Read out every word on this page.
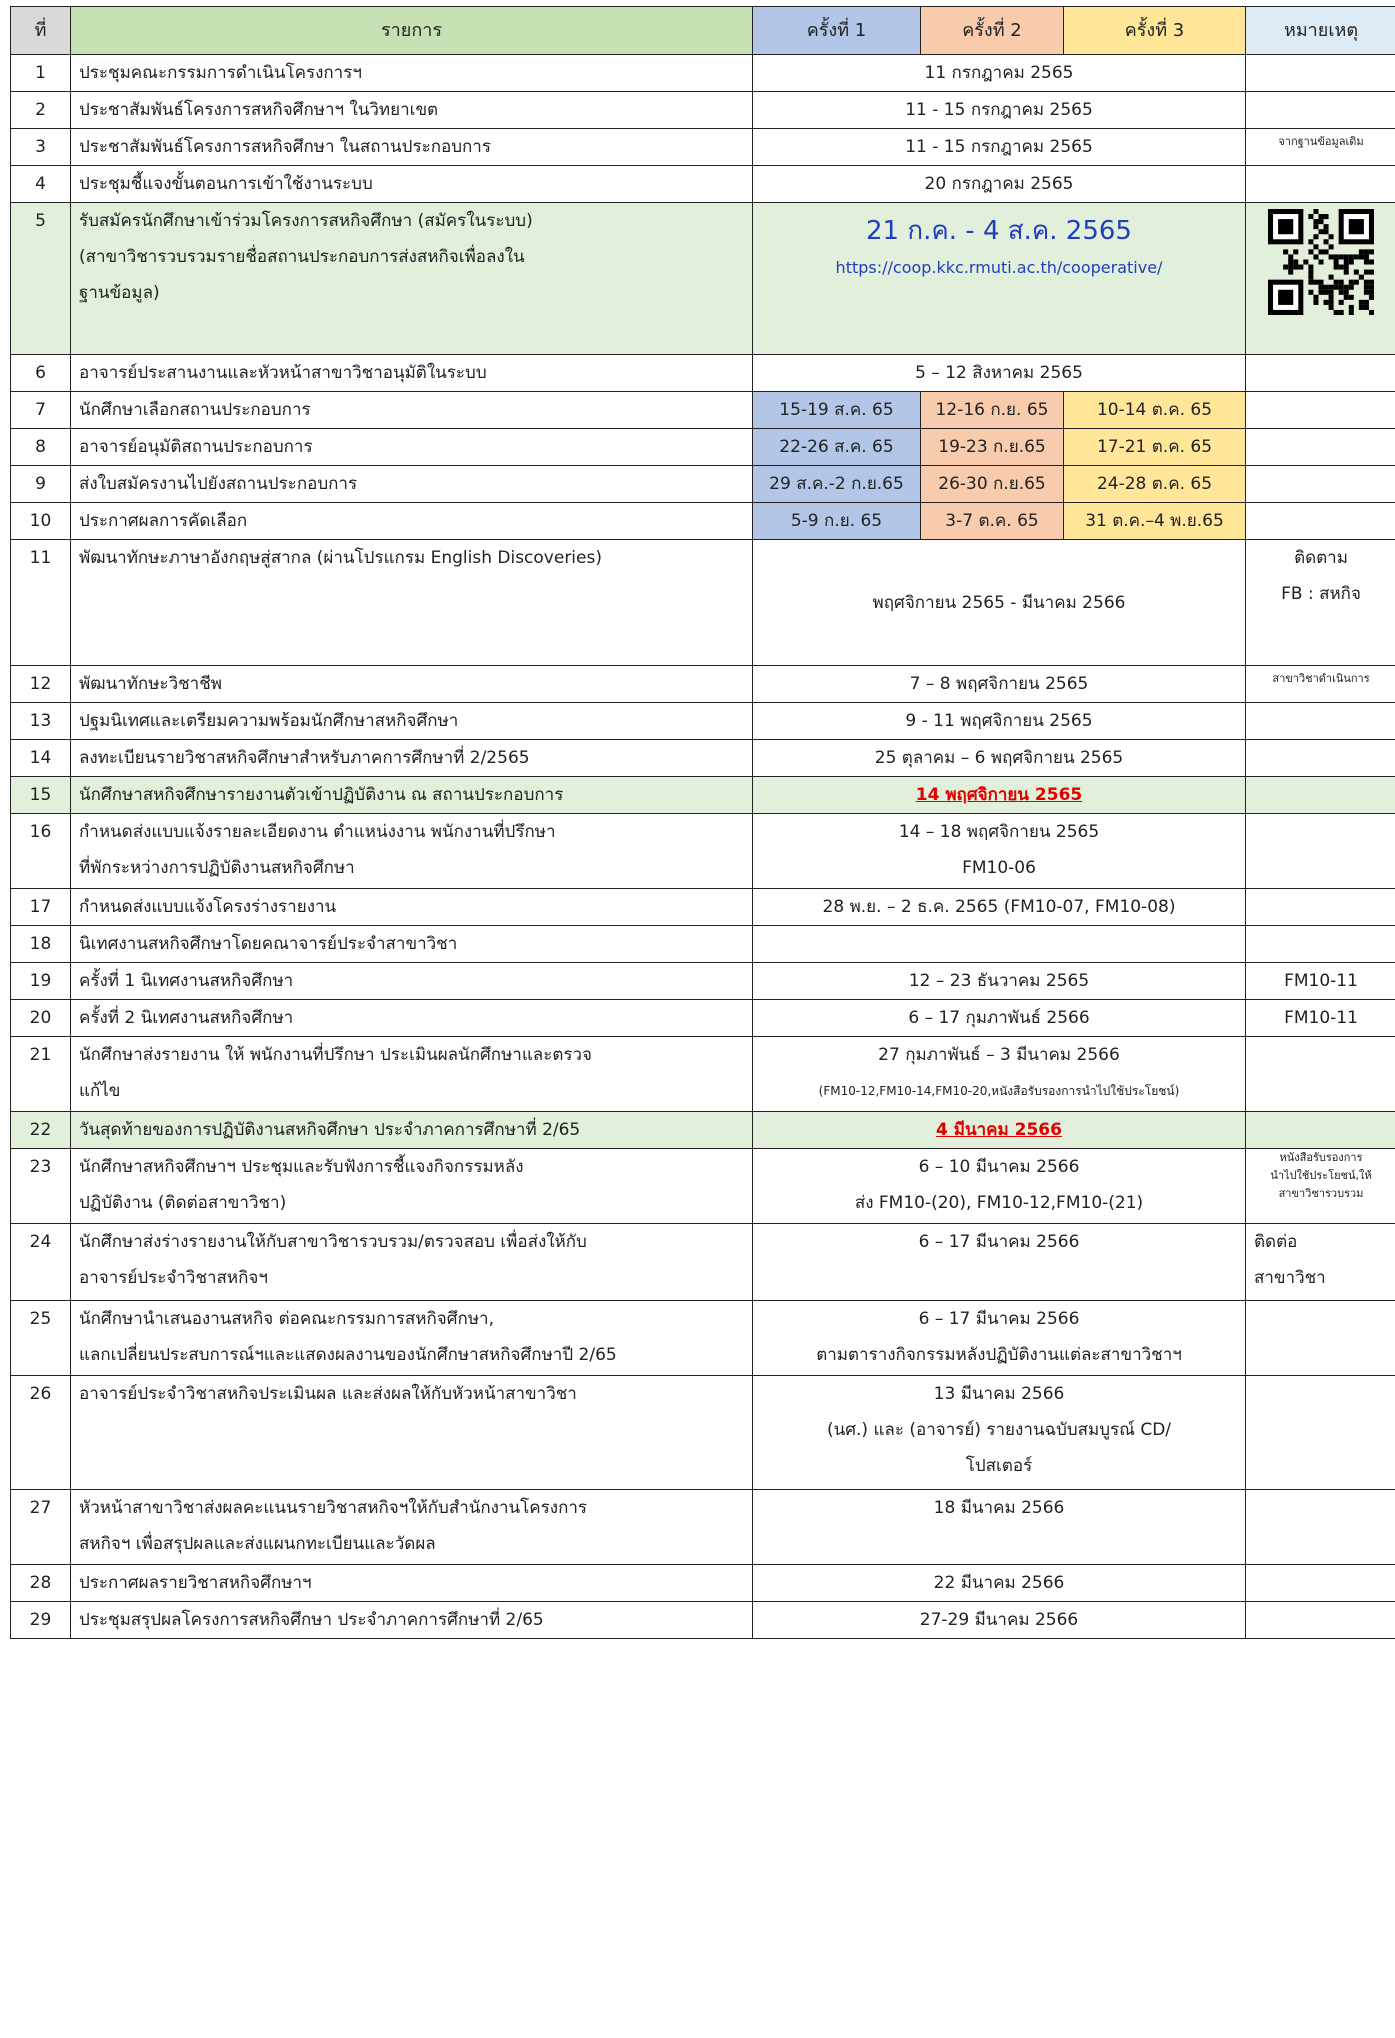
ที่	รายการ	ครั้งที่ 1	ครั้งที่ 2	ครั้งที่ 3	หมายเหตุ
1	ประชุมคณะกรรมการดำเนินโครงการฯ	11 กรกฎาคม 2565			

2	ประชาสัมพันธ์โครงการสหกิจศึกษาฯ ในวิทยาเขต	11 - 15 กรกฎาคม 2565			

3	ประชาสัมพันธ์โครงการสหกิจศึกษา ในสถานประกอบการ	11 - 15 กรกฎาคม 2565			จากฐานข้อมูลเดิม

4	ประชุมชี้แจงขั้นตอนการเข้าใช้งานระบบ	20 กรกฎาคม 2565			

5	รับสมัครนักศึกษาเข้าร่วมโครงการสหกิจศึกษา (สมัครในระบบ)
(สาขาวิชารวบรวมรายชื่อสถานประกอบการส่งสหกิจเพื่อลงใน
ฐานข้อมูล)	21 ก.ค. - 4 ส.ค. 2565
https://coop.kkc.rmuti.ac.th/cooperative/

6	อาจารย์ประสานงานและหัวหน้าสาขาวิชาอนุมัติในระบบ	5 – 12 สิงหาคม 2565			

7	นักศึกษาเลือกสถานประกอบการ	15-19 ส.ค. 65	12-16 ก.ย. 65	10-14 ต.ค. 65	
8	อาจารย์อนุมัติสถานประกอบการ	22-26 ส.ค. 65	19-23 ก.ย.65	17-21 ต.ค. 65	
9	ส่งใบสมัครงานไปยังสถานประกอบการ	29 ส.ค.-2 ก.ย.65	26-30 ก.ย.65	24-28 ต.ค. 65	
10	ประกาศผลการคัดเลือก	5-9 ก.ย. 65	3-7 ต.ค. 65	31 ต.ค.–4 พ.ย.65	
11	พัฒนาทักษะภาษาอังกฤษสู่สากล (ผ่านโปรแกรม English Discoveries)	พฤศจิกายน 2565 - มีนาคม 2566			ติดตาม
FB : สหกิจ

12	พัฒนาทักษะวิชาชีพ	7 – 8 พฤศจิกายน 2565			สาขาวิชาดำเนินการ

13	ปฐมนิเทศและเตรียมความพร้อมนักศึกษาสหกิจศึกษา	9 - 11 พฤศจิกายน 2565			

14	ลงทะเบียนรายวิชาสหกิจศึกษาสำหรับภาคการศึกษาที่ 2/2565	25 ตุลาคม – 6 พฤศจิกายน 2565			

15	นักศึกษาสหกิจศึกษารายงานตัวเข้าปฏิบัติงาน ณ สถานประกอบการ	14 พฤศจิกายน 2565			
16	กำหนดส่งแบบแจ้งรายละเอียดงาน ตำแหน่งงาน พนักงานที่ปรึกษา
ที่พักระหว่างการปฏิบัติงานสหกิจศึกษา	14 – 18 พฤศจิกายน 2565
FM10-06			

17	กำหนดส่งแบบแจ้งโครงร่างรายงาน	28 พ.ย. – 2 ธ.ค. 2565 (FM10-07, FM10-08)			

18	นิเทศงานสหกิจศึกษาโดยคณาจารย์ประจำสาขาวิชา				

19	ครั้งที่ 1 นิเทศงานสหกิจศึกษา	12 – 23 ธันวาคม 2565			FM10-11

20	ครั้งที่ 2 นิเทศงานสหกิจศึกษา	6 – 17 กุมภาพันธ์ 2566			FM10-11

21	นักศึกษาส่งรายงาน ให้ พนักงานที่ปรึกษา ประเมินผลนักศึกษาและตรวจ
แก้ไข	27 กุมภาพันธ์ – 3 มีนาคม 2566
(FM10-12,FM10-14,FM10-20,หนังสือรับรองการนำไปใช้ประโยชน์)			

22	วันสุดท้ายของการปฏิบัติงานสหกิจศึกษา ประจำภาคการศึกษาที่ 2/65	4 มีนาคม 2566			
23	นักศึกษาสหกิจศึกษาฯ ประชุมและรับฟังการชี้แจงกิจกรรมหลัง
ปฏิบัติงาน (ติดต่อสาขาวิชา)	6 – 10 มีนาคม 2566
ส่ง FM10-(20), FM10-12,FM10-(21)			หนังสือรับรองการ
นำไปใช้ประโยชน์,ให้
สาขาวิชารวบรวม

24	นักศึกษาส่งร่างรายงานให้กับสาขาวิชารวบรวม/ตรวจสอบ เพื่อส่งให้กับ
อาจารย์ประจำวิชาสหกิจฯ	6 – 17 มีนาคม 2566			ติดต่อ
สาขาวิชา

25	นักศึกษานำเสนองานสหกิจ ต่อคณะกรรมการสหกิจศึกษา,
แลกเปลี่ยนประสบการณ์ฯและแสดงผลงานของนักศึกษาสหกิจศึกษาปี 2/65	6 – 17 มีนาคม 2566
ตามตารางกิจกรรมหลังปฏิบัติงานแต่ละสาขาวิชาฯ			

26	อาจารย์ประจำวิชาสหกิจประเมินผล และส่งผลให้กับหัวหน้าสาขาวิชา	13 มีนาคม 2566
(นศ.) และ (อาจารย์) รายงานฉบับสมบูรณ์ CD/
โปสเตอร์			

27	หัวหน้าสาขาวิชาส่งผลคะแนนรายวิชาสหกิจฯให้กับสำนักงานโครงการ
สหกิจฯ เพื่อสรุปผลและส่งแผนกทะเบียนและวัดผล	18 มีนาคม 2566			

28	ประกาศผลรายวิชาสหกิจศึกษาฯ	22 มีนาคม 2566			

29	ประชุมสรุปผลโครงการสหกิจศึกษา ประจำภาคการศึกษาที่ 2/65	27-29 มีนาคม 2566			
